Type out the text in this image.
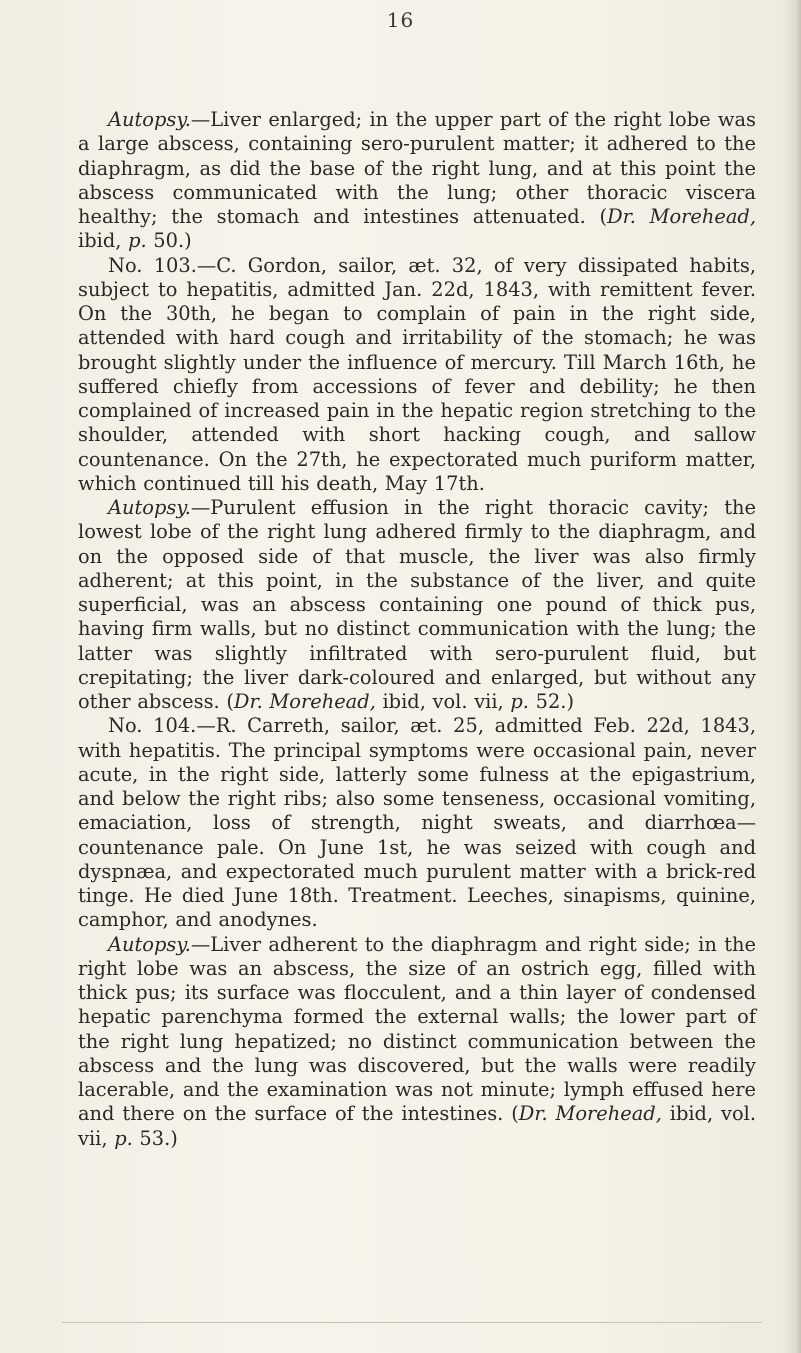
16

Autopsy.—Liver enlarged; in the upper part of the right lobe was a large abscess, containing sero-purulent matter; it adhered to the diaphragm, as did the base of the right lung, and at this point the abscess communicated with the lung; other thoracic viscera healthy; the stomach and intestines attenuated. (Dr. Morehead, ibid, p. 50.)

No. 103.—C. Gordon, sailor, æt. 32, of very dissipated habits, subject to hepatitis, admitted Jan. 22d, 1843, with remittent fever. On the 30th, he began to complain of pain in the right side, attended with hard cough and irritability of the stomach; he was brought slightly under the influence of mercury. Till March 16th, he suffered chiefly from accessions of fever and debility; he then complained of increased pain in the hepatic region stretching to the shoulder, attended with short hacking cough, and sallow countenance. On the 27th, he expectorated much puriform matter, which continued till his death, May 17th.

Autopsy.—Purulent effusion in the right thoracic cavity; the lowest lobe of the right lung adhered firmly to the diaphragm, and on the opposed side of that muscle, the liver was also firmly adherent; at this point, in the substance of the liver, and quite superficial, was an abscess containing one pound of thick pus, having firm walls, but no distinct communication with the lung; the latter was slightly infiltrated with sero-purulent fluid, but crepitating; the liver dark-coloured and enlarged, but without any other abscess. (Dr. Morehead, ibid, vol. vii, p. 52.)

No. 104.—R. Carreth, sailor, æt. 25, admitted Feb. 22d, 1843, with hepatitis. The principal symptoms were occasional pain, never acute, in the right side, latterly some fulness at the epigastrium, and below the right ribs; also some tenseness, occasional vomiting, emaciation, loss of strength, night sweats, and diarrhœa—countenance pale. On June 1st, he was seized with cough and dyspnæa, and expectorated much purulent matter with a brick-red tinge. He died June 18th. Treatment. Leeches, sinapisms, quinine, camphor, and anodynes.

Autopsy.—Liver adherent to the diaphragm and right side; in the right lobe was an abscess, the size of an ostrich egg, filled with thick pus; its surface was flocculent, and a thin layer of condensed hepatic parenchyma formed the external walls; the lower part of the right lung hepatized; no distinct communication between the abscess and the lung was discovered, but the walls were readily lacerable, and the examination was not minute; lymph effused here and there on the surface of the intestines. (Dr. Morehead, ibid, vol. vii, p. 53.)
